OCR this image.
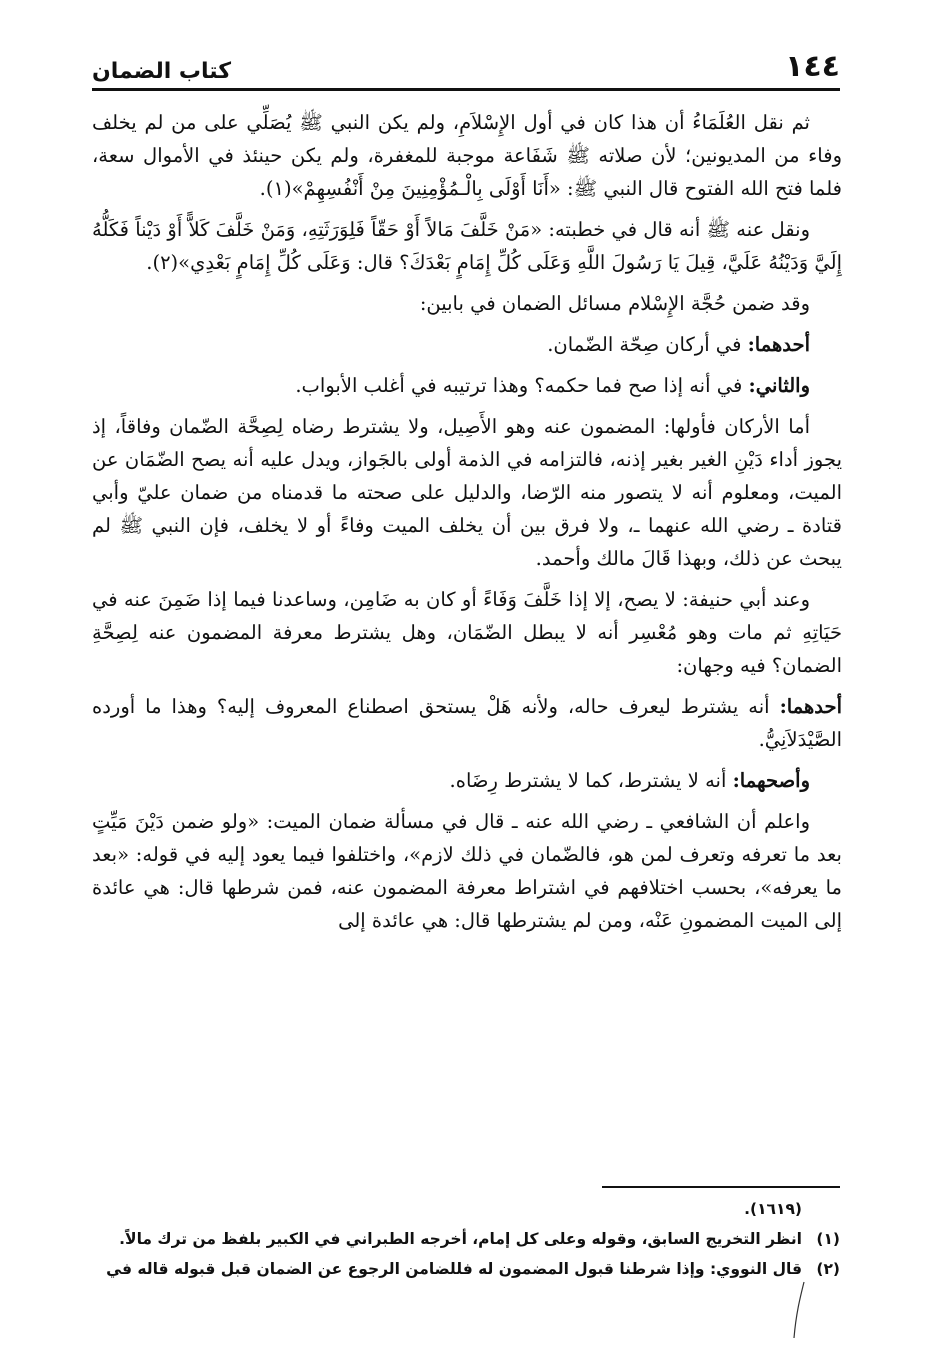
١٤٤
كتاب الضمان

ثم نقل العُلَمَاءُ أن هذا كان في أول الإِسْلاَمِ، ولم يكن النبي ﷺ يُصَلِّي على من لم يخلف وفاء من المديونين؛ لأن صلاته ﷺ شَفَاعة موجبة للمغفرة، ولم يكن حينئذ في الأموال سعة، فلما فتح الله الفتوح قال النبي ﷺ: «أَنَا أَوْلَى بِالْـمُؤْمِنِينَ مِنْ أَنْفُسِهِمْ»(١).

ونقل عنه ﷺ أنه قال في خطبته: «مَنْ خَلَّفَ مَالاً أَوْ حَقّاً فَلِوَرَثَتِهِ، وَمَنْ خَلَّفَ كَلاًّ أَوْ دَيْناً فَكَلُّهُ إِلَيَّ وَدَيْنُهُ عَلَيَّ، قِيلَ يَا رَسُولَ اللَّهِ وَعَلَى كُلِّ إِمَامٍ بَعْدَكَ؟ قال: وَعَلَى كُلِّ إِمَامٍ بَعْدِي»(٢).

وقد ضمن حُجَّة الإِسْلام مسائل الضمان في بابين:

أحدهما: في أركان صِحّة الضّمان.

والثاني: في أنه إذا صح فما حكمه؟ وهذا ترتيبه في أغلب الأبواب.

أما الأركان فأولها: المضمون عنه وهو الأَصِيل، ولا يشترط رضاه لِصِحَّة الضّمان وفاقاً، إذ يجوز أداء دَيْنِ الغير بغير إذنه، فالتزامه في الذمة أولى بالجَواز، ويدل عليه أنه يصح الضّمَان عن الميت، ومعلوم أنه لا يتصور منه الرّضا، والدليل على صحته ما قدمناه من ضمان عليّ وأبي قتادة ـ رضي الله عنهما ـ، ولا فرق بين أن يخلف الميت وفاءً أو لا يخلف، فإن النبي ﷺ لم يبحث عن ذلك، وبهذا قَالَ مالك وأحمد.

وعند أبي حنيفة: لا يصح، إلا إذا خَلَّفَ وَفَاءً أو كان به ضَامِن، وساعدنا فيما إذا ضَمِنَ عنه في حَيَاتِهِ ثم مات وهو مُعْسِر أنه لا يبطل الضّمَان، وهل يشترط معرفة المضمون عنه لِصِحَّةِ الضمان؟ فيه وجهان:

أحدهما: أنه يشترط ليعرف حاله، ولأنه هَلْ يستحق اصطناع المعروف إليه؟ وهذا ما أورده الصَّيْدَلاَنِيُّ.

وأصحهما: أنه لا يشترط، كما لا يشترط رِضَاه.

واعلم أن الشافعي ـ رضي الله عنه ـ قال في مسألة ضمان الميت: «ولو ضمن دَيْنَ مَيِّتٍ بعد ما تعرفه وتعرف لمن هو، فالضّمان في ذلك لازم»، واختلفوا فيما يعود إليه في قوله: «بعد ما يعرفه»، بحسب اختلافهم في اشتراط معرفة المضمون عنه، فمن شرطها قال: هي عائدة إلى الميت المضمونِ عَنْه، ومن لم يشترطها قال: هي عائدة إلى

(١٦١٩).
(١)
انظر التخريج السابق، وقوله وعلى كل إمام، أخرجه الطبراني في الكبير بلفظ من ترك مالاً.
(٢)
قال النووي: وإذا شرطنا قبول المضمون له فللضامن الرجوع عن الضمان قبل قبوله قاله في
